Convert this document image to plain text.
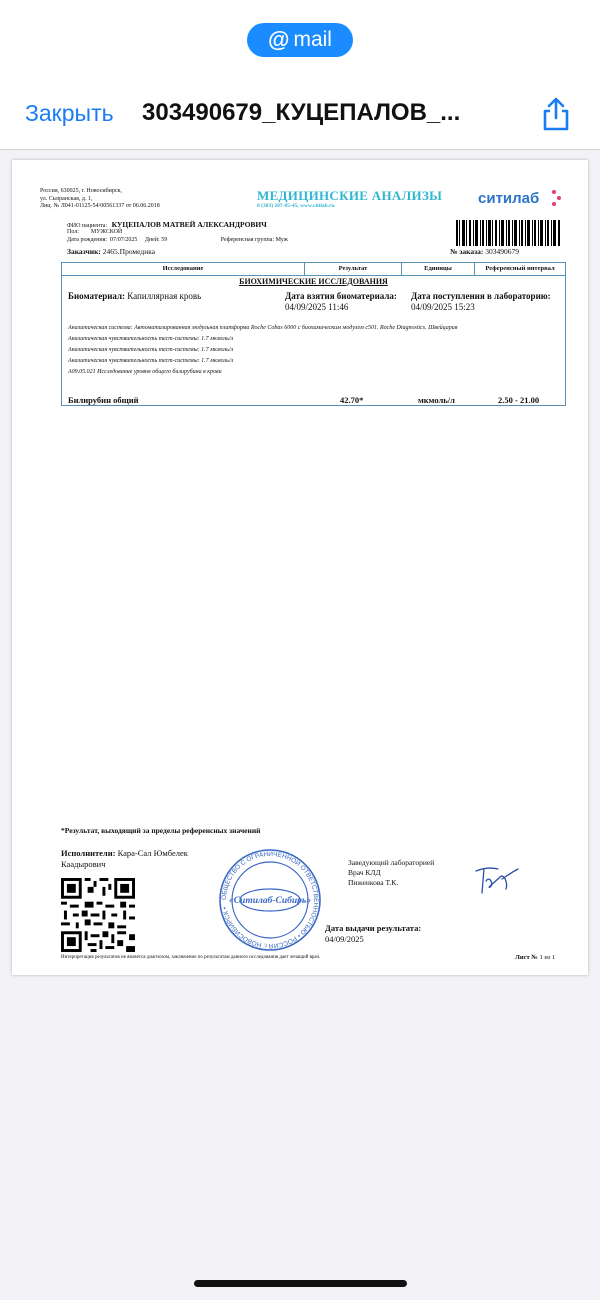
@ mail
Закрыть 303490679_КУЦЕПАЛОВ_...
Россия, 630025, г. Новосибирск,
ул. Сызранская, д. 1,
Лиц. № Л041-01125-54/00561337 от 06.06.2018
МЕДИЦИНСКИЕ АНАЛИЗЫ
8 (383) 207-85-45, www.citilab.ru	ситилаб
ФИО пациента: КУЦЕПАЛОВ МАТВЕЙ АЛЕКСАНДРОВИЧ
Пол: МУЖСКОЙ
Дата рождения: 07/07/2025 Дней: 59	Референсная группа: Муж
Заказчик: 2465.Промедика	№ заказа: 303490679
Исследование	Результат	Единицы	Референсный интервал
БИОХИМИЧЕСКИЕ ИССЛЕДОВАНИЯ
Биоматериал: Капиллярная кровь	Дата взятия биоматериала:
04/09/2025 11:46
Дата поступления в лабораторию:
04/09/2025 15:23
Аналитическая система: Автоматизированная модульная платформа Roche Cobas 6000 с биохимическим модулем с501. Roche Diagnostics. Швейцария
Аналитическая чувствительность тест-системы: 1.7 мкмоль/л
Аналитическая чувствительность тест-системы: 1.7 мкмоль/л
Аналитическая чувствительность тест-системы: 1.7 мкмоль/л
А09.05.021 Исследование уровня общего билирубина в крови
Билирубин общий	42.70*	мкмоль/л	2.50 - 21.00
*Результат, выходящий за пределы референсных значений
Исполнители: Кара-Сал Юмбелек
Каадырович
ОБЩЕСТВО С ОГРАНИЧЕННОЙ ОТВЕТСТВЕННОСТЬЮ • РОССИЯ г. НОВОСИБИРСК •
«Ситилаб-Сибирь»
Заведующий лабораторией
Врач КЛД
Пиженкова Т.К.
Дата выдачи результата:
04/09/2025
Интерпретация результатов не является диагнозом, заключение по результатам данного исследования дает лечащий врач.	Лист № 1 из 1
